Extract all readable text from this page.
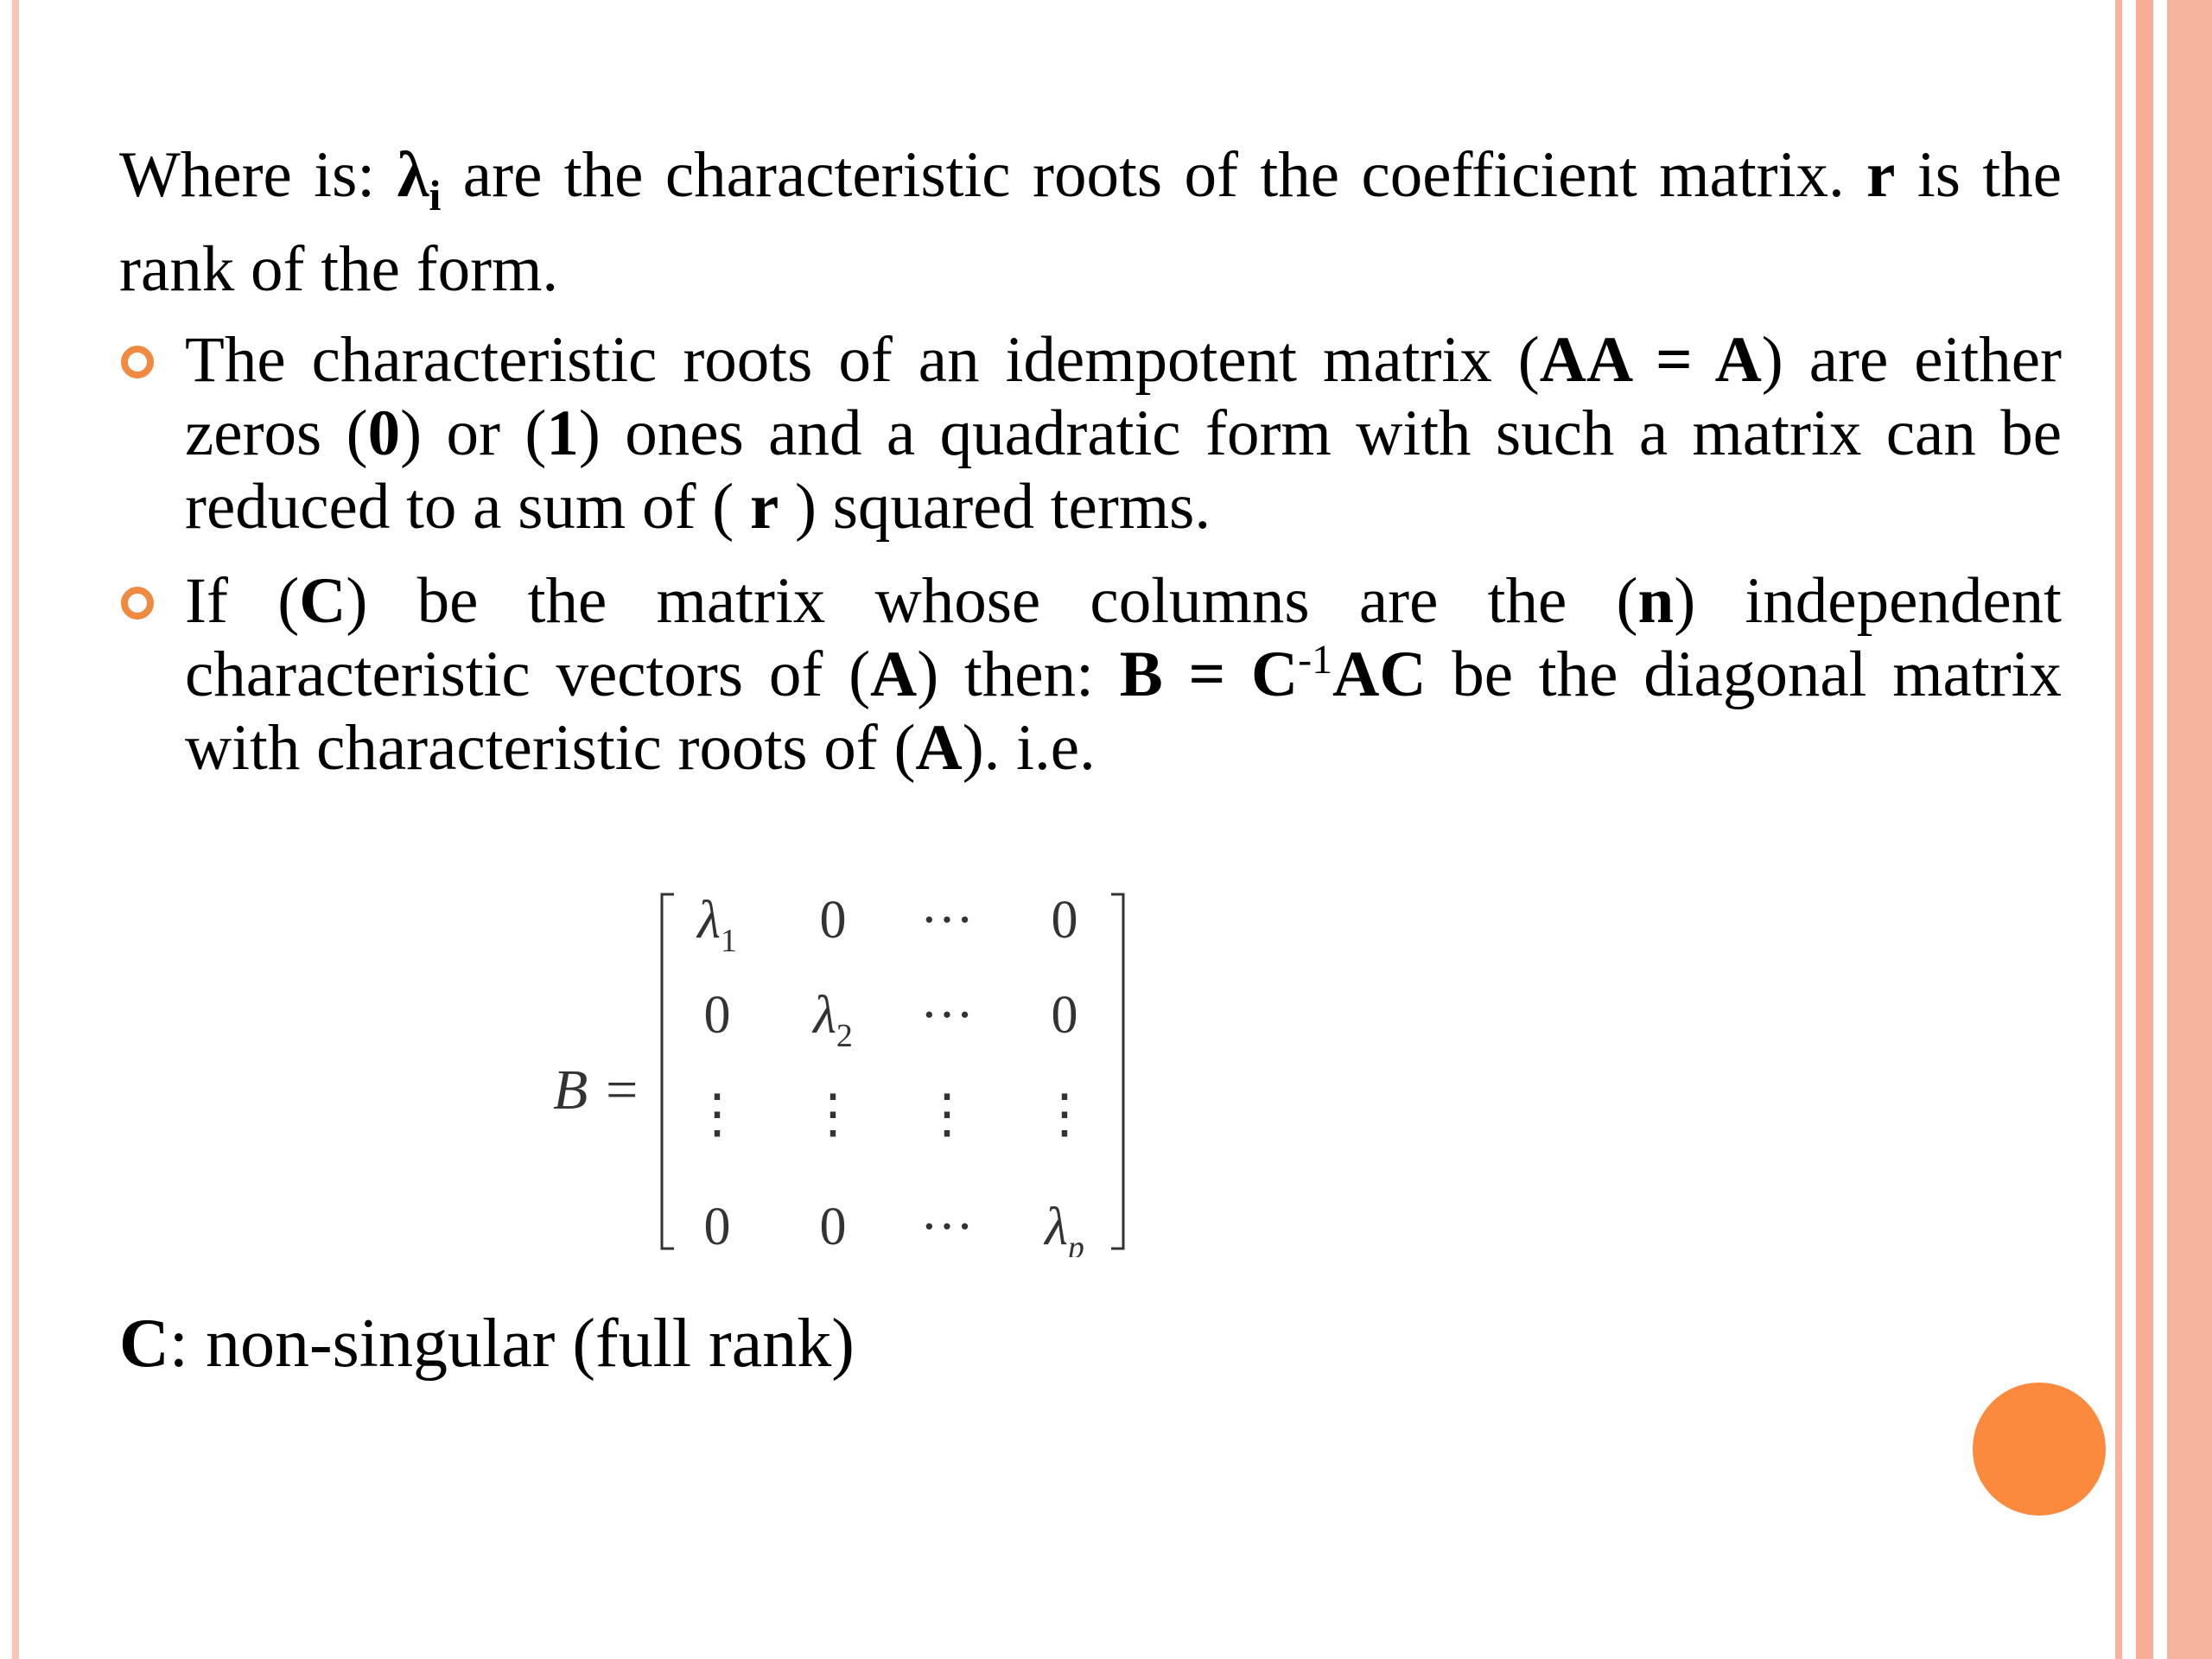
Where is: $\lambda_i$ are the characteristic roots of the coefficient matrix. r is the rank of the form.

The characteristic roots of an idempotent matrix (AA = A) are either zeros (0) or (1) ones and a quadratic form with such a matrix can be reduced to a sum of ( r ) squared terms.
If (C) be the matrix whose columns are the (n) independent characteristic vectors of (A) then: $B = C^{-1}AC$ be the diagonal matrix with characteristic roots of (A). i.e.
B =
$\lambda_1$ 0 ··· 0
0 $\lambda_2$ ··· 0
⋮ ⋮ ⋮ ⋮
0 0 ··· $\lambda_p$
C: non-singular (full rank)
